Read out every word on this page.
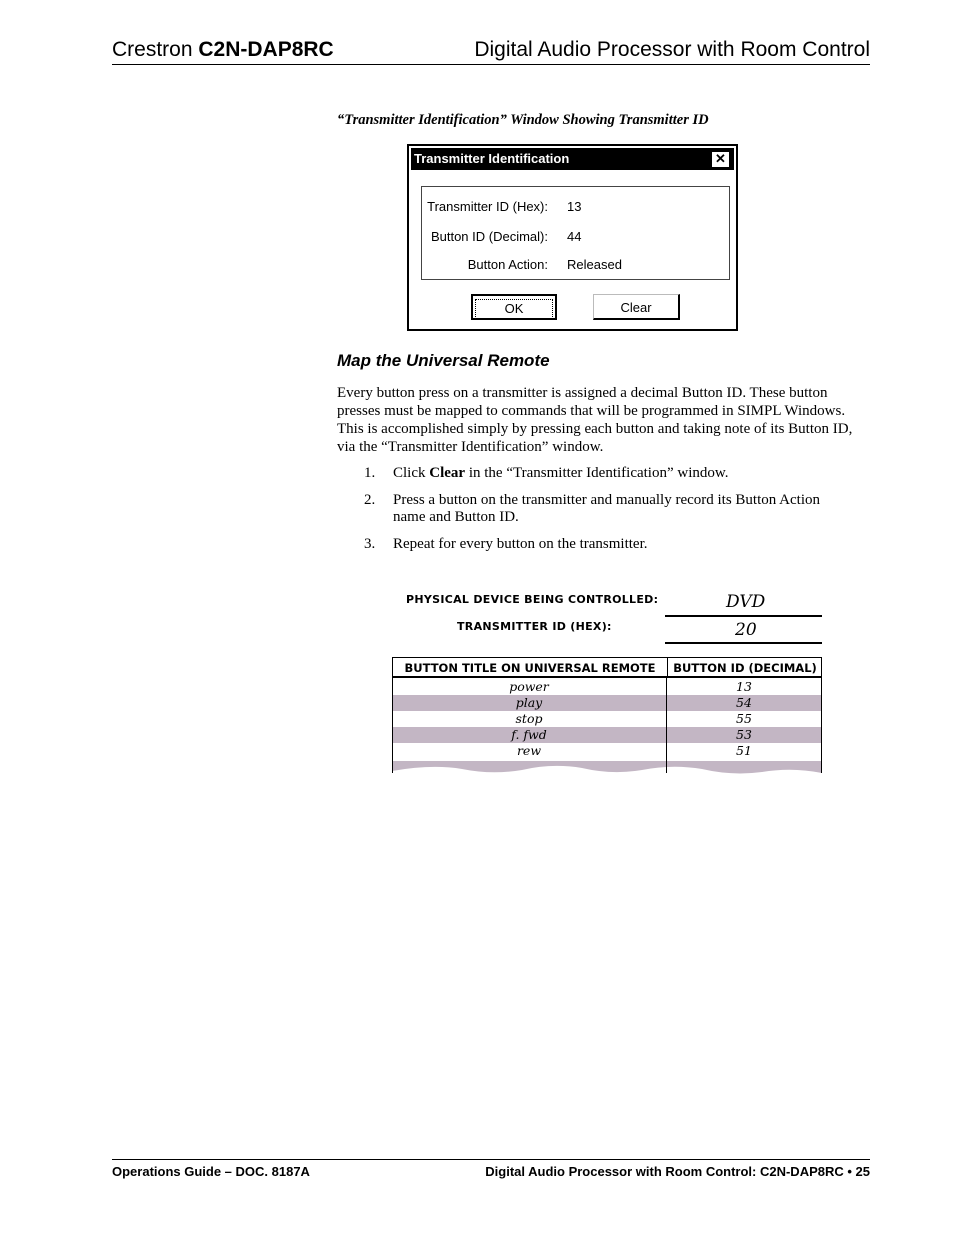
Crestron C2N-DAP8RC	Digital Audio Processor with Room Control
“Transmitter Identification” Window Showing Transmitter ID
Transmitter Identification	✕
Transmitter ID (Hex): 13
Button ID (Decimal): 44
Button Action: Released
OK	Clear
Map the Universal Remote
Every button press on a transmitter is assigned a decimal Button ID. These button presses must be mapped to commands that will be programmed in SIMPL Windows. This is accomplished simply by pressing each button and taking note of its Button ID, via the “Transmitter Identification” window.
1.	Click Clear in the “Transmitter Identification” window.
2.	Press a button on the transmitter and manually record its Button Action name and Button ID.
3.	Repeat for every button on the transmitter.
PHYSICAL DEVICE BEING CONTROLLED:	DVD
TRANSMITTER ID (HEX):	20
BUTTON TITLE ON UNIVERSAL REMOTE	BUTTON ID (DECIMAL)
power	13
play	54
stop	55
f. fwd	53
rew	51
Operations Guide – DOC. 8187A	Digital Audio Processor with Room Control: C2N-DAP8RC • 25
